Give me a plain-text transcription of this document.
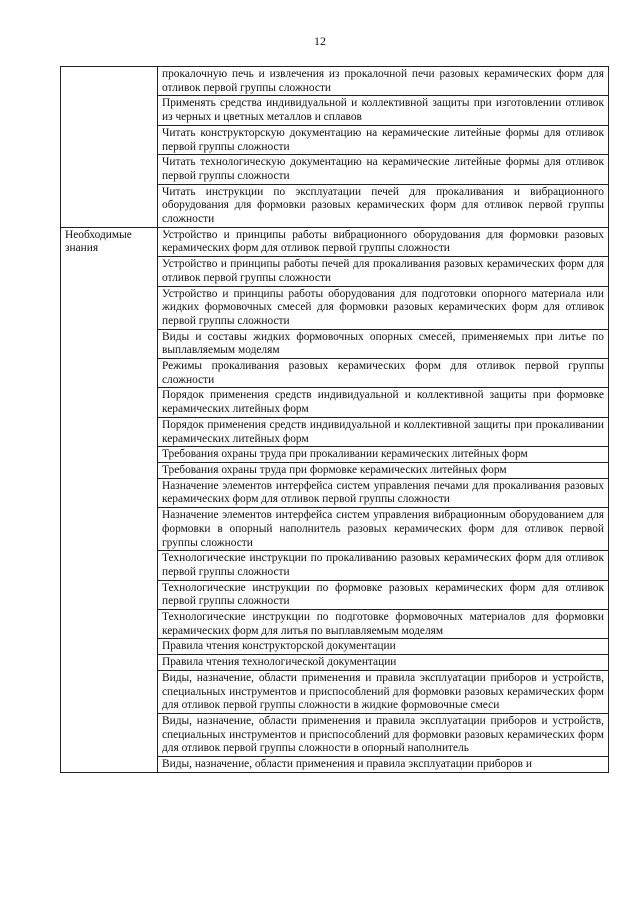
12
	прокалочную печь и извлечения из прокалочной печи разовых керамических форм для отливок первой группы сложности
	Применять средства индивидуальной и коллективной защиты при изготовлении отливок из черных и цветных металлов и сплавов
	Читать конструкторскую документацию на керамические литейные формы для отливок первой группы сложности
	Читать технологическую документацию на керамические литейные формы для отливок первой группы сложности
	Читать инструкции по эксплуатации печей для прокаливания и вибрационного оборудования для формовки разовых керамических форм для отливок первой группы сложности
Необходимые знания	Устройство и принципы работы вибрационного оборудования для формовки разовых керамических форм для отливок первой группы сложности
	Устройство и принципы работы печей для прокаливания разовых керамических форм для отливок первой группы сложности
	Устройство и принципы работы оборудования для подготовки опорного материала или жидких формовочных смесей для формовки разовых керамических форм для отливок первой группы сложности
	Виды и составы жидких формовочных опорных смесей, применяемых при литье по выплавляемым моделям
	Режимы прокаливания разовых керамических форм для отливок первой группы сложности
	Порядок применения средств индивидуальной и коллективной защиты при формовке керамических литейных форм
	Порядок применения средств индивидуальной и коллективной защиты при прокаливании керамических литейных форм
	Требования охраны труда при прокаливании керамических литейных форм
	Требования охраны труда при формовке керамических литейных форм
	Назначение элементов интерфейса систем управления печами для прокаливания разовых керамических форм для отливок первой группы сложности
	Назначение элементов интерфейса систем управления вибрационным оборудованием для формовки в опорный наполнитель разовых керамических форм для отливок первой группы сложности
	Технологические инструкции по прокаливанию разовых керамических форм для отливок первой группы сложности
	Технологические инструкции по формовке разовых керамических форм для отливок первой группы сложности
	Технологические инструкции по подготовке формовочных материалов для формовки керамических форм для литья по выплавляемым моделям
	Правила чтения конструкторской документации
	Правила чтения технологической документации
	Виды, назначение, области применения и правила эксплуатации приборов и устройств, специальных инструментов и приспособлений для формовки разовых керамических форм для отливок первой группы сложности в жидкие формовочные смеси
	Виды, назначение, области применения и правила эксплуатации приборов и устройств, специальных инструментов и приспособлений для формовки разовых керамических форм для отливок первой группы сложности в опорный наполнитель
	Виды, назначение, области применения и правила эксплуатации приборов и
